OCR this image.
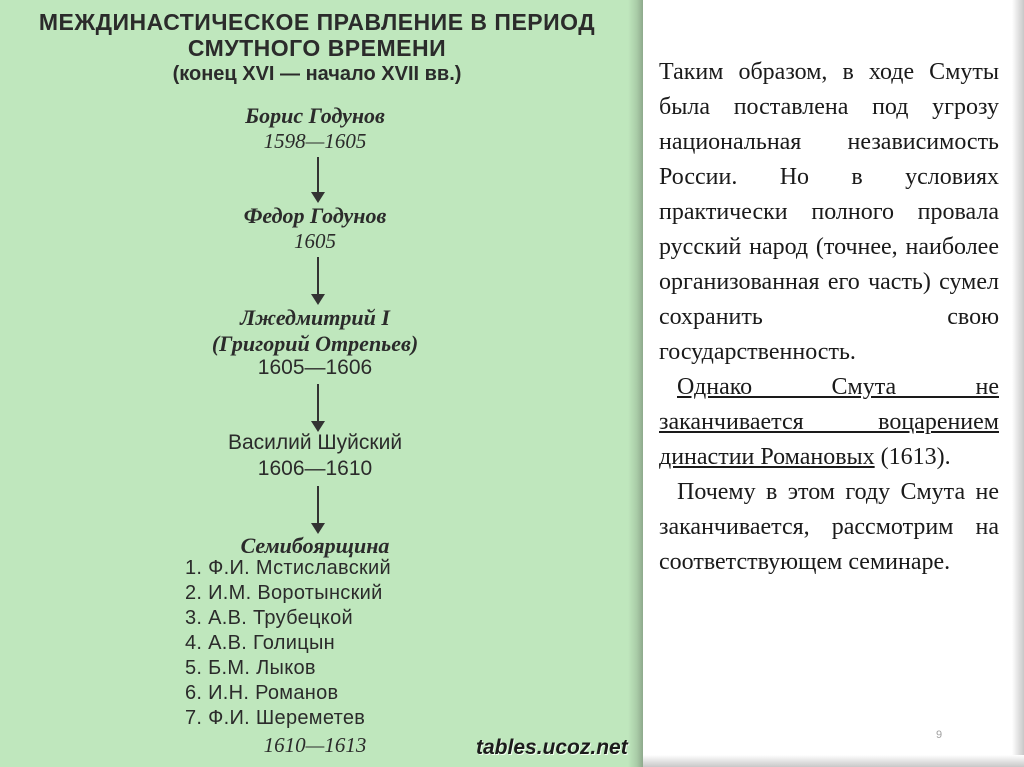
МЕЖДИНАСТИЧЕСКОЕ ПРАВЛЕНИЕ В ПЕРИОД
СМУТНОГО ВРЕМЕНИ
(конец XVI — начало XVII вв.)
Борис Годунов
1598—1605
Федор Годунов
1605
Лжедмитрий I
(Григорий Отрепьев)
1605—1606
Василий Шуйский
1606—1610
Семибоярщина
1. Ф.И. Мстиславский
2. И.М. Воротынский
3. А.В. Трубецкой
4. А.В. Голицын
5. Б.М. Лыков
6. И.Н. Романов
7. Ф.И. Шереметев
1610—1613	tables.ucoz.net

Таким образом, в ходе Смуты была поставлена под угрозу национальная независимость России. Но в условиях практически полного провала русский народ (точнее, наиболее организованная его часть) сумел сохранить свою государственность.

Однако Смута не заканчивается воцарением династии Романовых (1613).

Почему в этом году Смута не заканчивается, рассмотрим на соответствующем семинаре.

9
